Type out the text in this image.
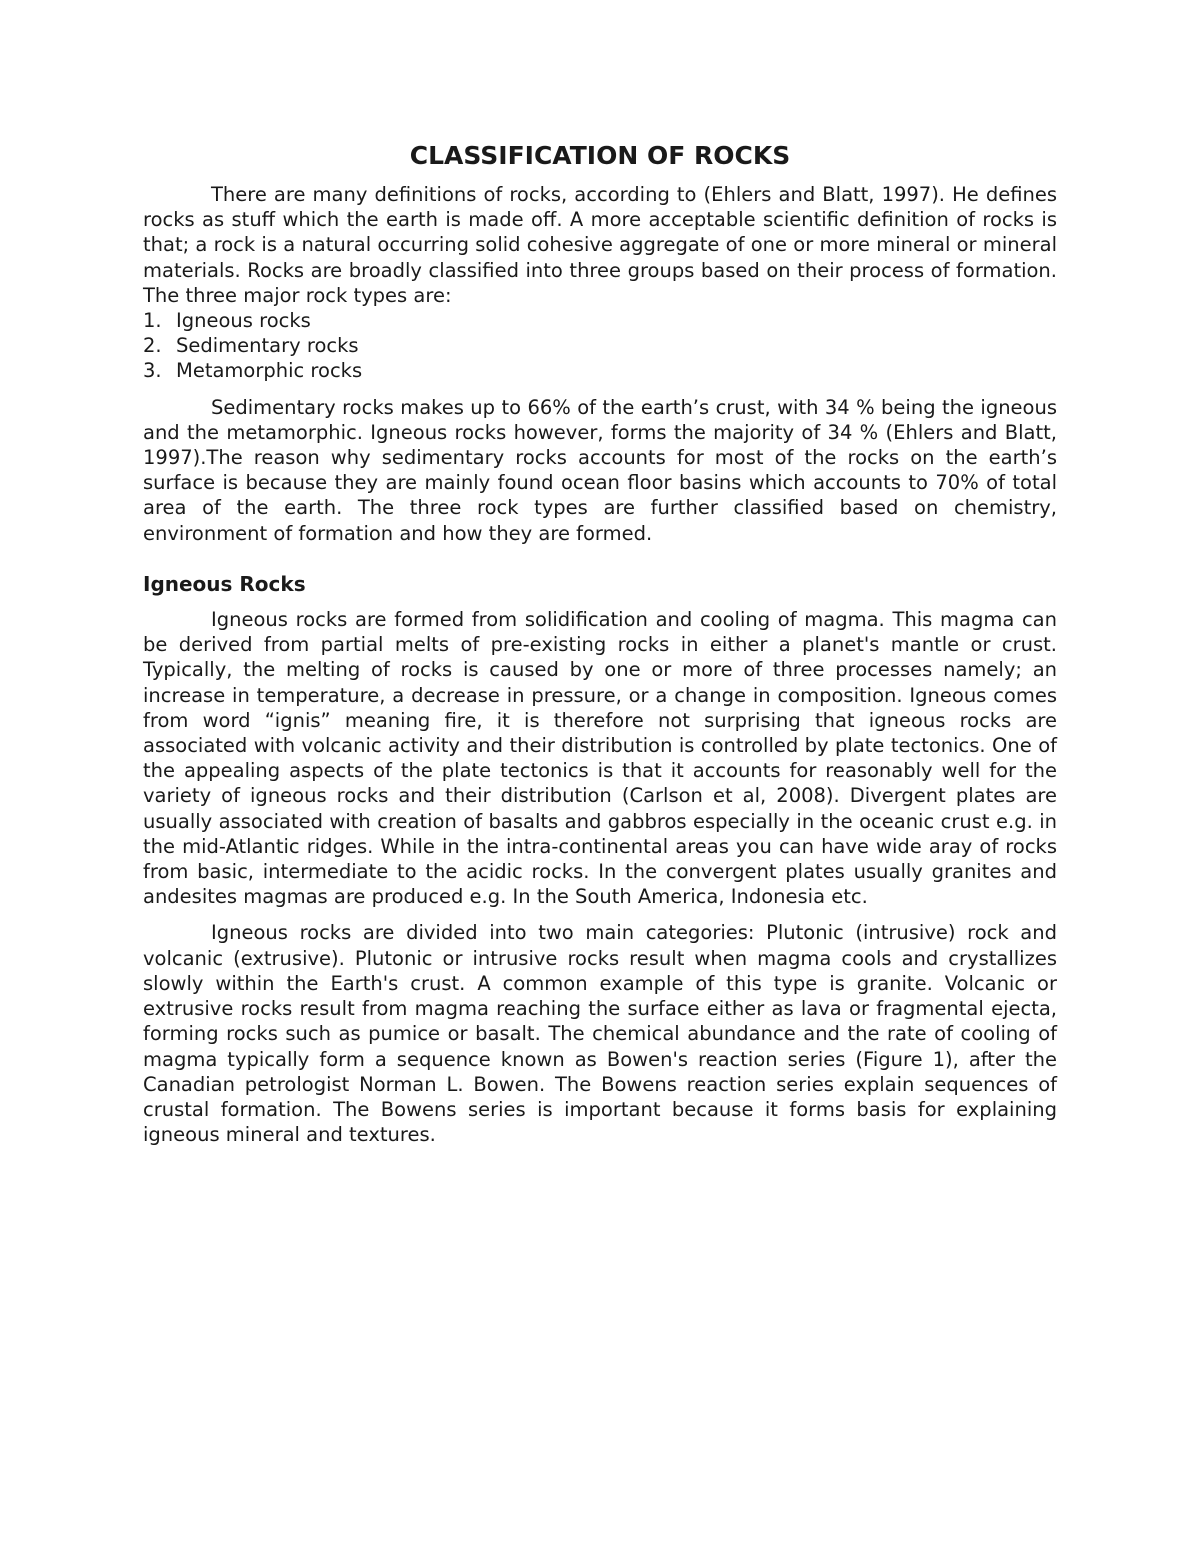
CLASSIFICATION OF ROCKS

There are many definitions of rocks, according to (Ehlers and Blatt, 1997). He defines rocks as stuff which the earth is made off. A more acceptable scientific definition of rocks is that; a rock is a natural occurring solid cohesive aggregate of one or more mineral or mineral materials. Rocks are broadly classified into three groups based on their process of formation. The three major rock types are:

1. Igneous rocks
2. Sedimentary rocks
3. Metamorphic rocks

Sedimentary rocks makes up to 66% of the earth’s crust, with 34 % being the igneous and the metamorphic. Igneous rocks however, forms the majority of 34 % (Ehlers and Blatt, 1997).The reason why sedimentary rocks accounts for most of the rocks on the earth’s surface is because they are mainly found ocean floor basins which accounts to 70% of total area of the earth. The three rock types are further classified based on chemistry, environment of formation and how they are formed.

Igneous Rocks

Igneous rocks are formed from solidification and cooling of magma. This magma can be derived from partial melts of pre-existing rocks in either a planet's mantle or crust. Typically, the melting of rocks is caused by one or more of three processes namely; an increase in temperature, a decrease in pressure, or a change in composition. Igneous comes from word “ignis” meaning fire, it is therefore not surprising that igneous rocks are associated with volcanic activity and their distribution is controlled by plate tectonics. One of the appealing aspects of the plate tectonics is that it accounts for reasonably well for the variety of igneous rocks and their distribution (Carlson et al, 2008). Divergent plates are usually associated with creation of basalts and gabbros especially in the oceanic crust e.g. in the mid-Atlantic ridges. While in the intra-continental areas you can have wide aray of rocks from basic, intermediate to the acidic rocks. In the convergent plates usually granites and andesites magmas are produced e.g. In the South America, Indonesia etc.

Igneous rocks are divided into two main categories: Plutonic (intrusive) rock and volcanic (extrusive). Plutonic or intrusive rocks result when magma cools and crystallizes slowly within the Earth's crust. A common example of this type is granite. Volcanic or extrusive rocks result from magma reaching the surface either as lava or fragmental ejecta, forming rocks such as pumice or basalt. The chemical abundance and the rate of cooling of magma typically form a sequence known as Bowen's reaction series (Figure 1), after the Canadian petrologist Norman L. Bowen. The Bowens reaction series explain sequences of crustal formation. The Bowens series is important because it forms basis for explaining igneous mineral and textures.
